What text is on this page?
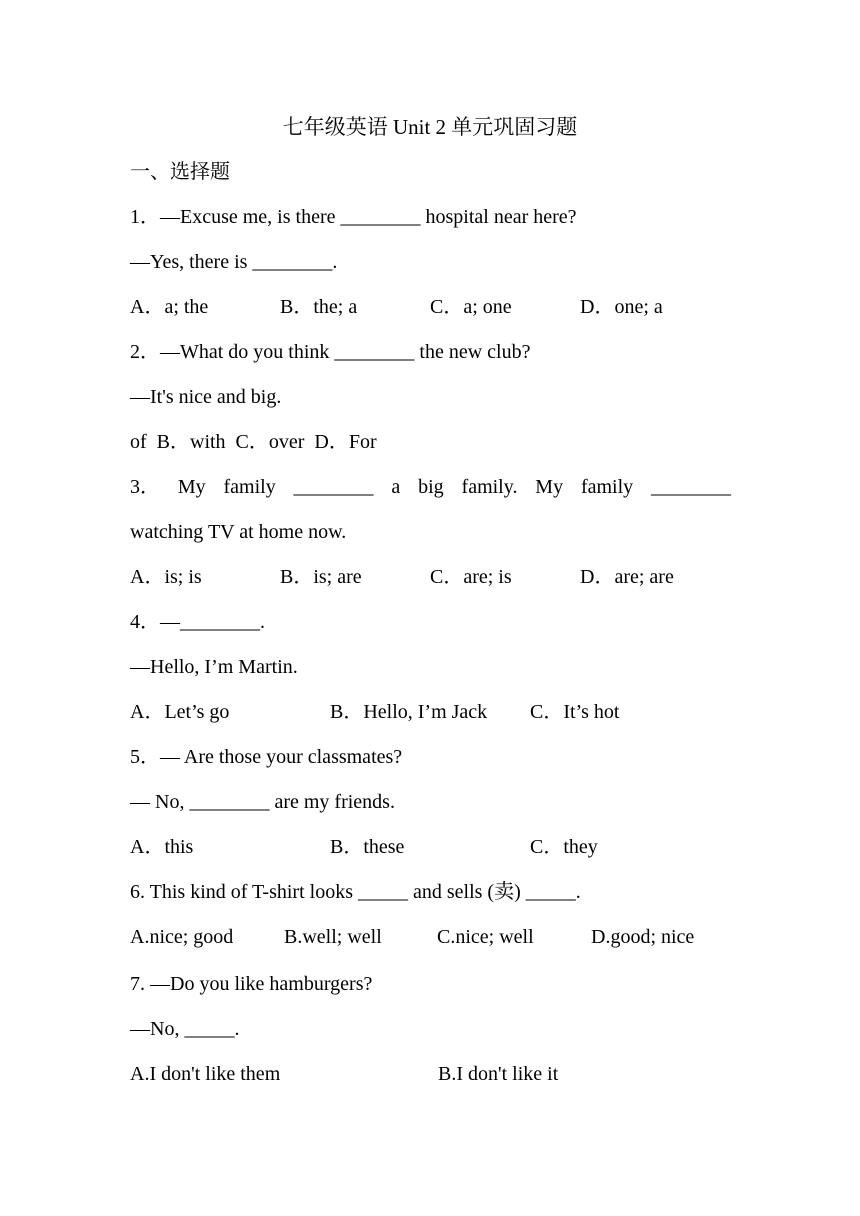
七年级英语 Unit 2 单元巩固习题
一、选择题
1．—Excuse me, is there ________ hospital near here?
—Yes, there is ________.
A．a; the	B．the; a	C．a; one	D．one; a
2．—What do you think ________ the new club?
—It's nice and big.
of  B．with  C．over  D．For
3． My family ________ a big family. My family ________
watching TV at home now.
A．is; is	B．is; are	C．are; is	D．are; are
4．—________.
—Hello, I’m Martin.
A．Let’s go	B．Hello, I’m Jack C．It’s hot
5．— Are those your classmates?
— No, ________ are my friends.
A．this	B．these	C．they
6. This kind of T-shirt looks _____ and sells (卖) _____.
A.nice; good	B.well; well	C.nice; well	D.good; nice
7. —Do you like hamburgers?
—No, _____.
A.I don't like them	B.I don't like it
